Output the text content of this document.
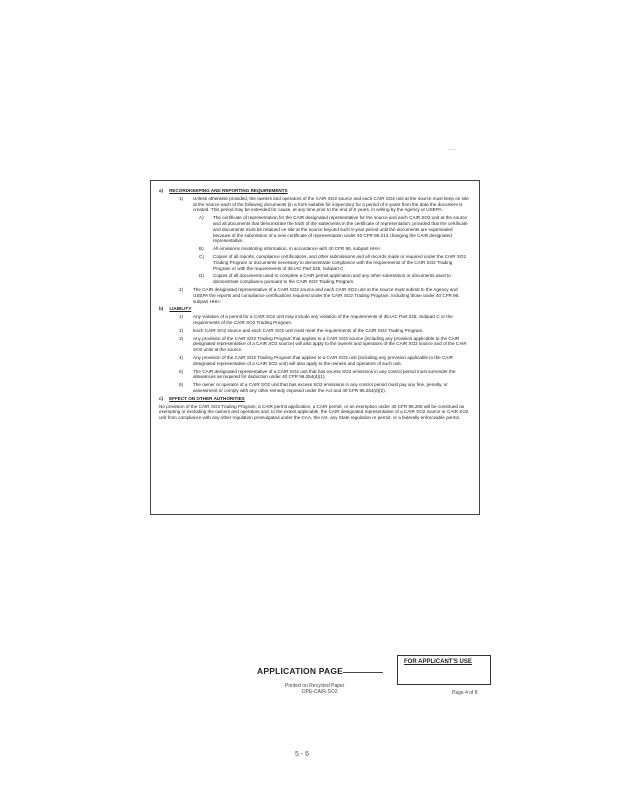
- - -
a) RECORDKEEPING AND REPORTING REQUIREMENTS
1)	Unless otherwise provided, the owners and operators of the CAIR SO2 source and each CAIR SO2 unit at the source must keep on site at the source each of the following documents (in a form suitable for inspection) for a period of 5 years from the date the document is created. This period may be extended for cause, at any time prior to the end of 5 years, in writing by the Agency or USEPA.
A)	The certificate of representation for the CAIR designated representative for the source and each CAIR SO2 unit at the source and all documents that demonstrate the truth of the statements in the certificate of representation; provided that the certificate and documents must be retained on site at the source beyond such 5-year period until the documents are superseded because of the submission of a new certificate of representation under 40 CFR 96.213 changing the CAIR designated representative.
B)	All emissions monitoring information, in accordance with 40 CFR 96, subpart HHH.
C)	Copies of all reports, compliance certifications, and other submissions and all records made or required under the CAIR SO2 Trading Program or documents necessary to demonstrate compliance with the requirements of the CAIR SO2 Trading Program or with the requirements of 35 IAC Part 225, Subpart C.
D)	Copies of all documents used to complete a CAIR permit application and any other submission or documents used to demonstrate compliance pursuant to the CAIR SO2 Trading Program.
2)	The CAIR designated representative of a CAIR SO2 source and each CAIR SO2 unit at the source must submit to the Agency and USEPA the reports and compliance certifications required under the CAIR SO2 Trading Program, including those under 40 CFR 96, subpart HHH.
b) LIABILITY
1)	Any violation of a permit for a CAIR SO2 unit may include any violation of the requirements of 35 IAC Part 225, Subpart C or the requirements of the CAIR SO2 Trading Program.
2)	Each CAIR SO2 source and each CAIR SO2 unit must meet the requirements of the CAIR SO2 Trading Program.
3)	Any provision of the CAIR SO2 Trading Program that applies to a CAIR SO2 source (including any provision applicable to the CAIR designated representative of a CAIR SO2 source) will also apply to the owners and operators of the CAIR SO2 source and of the CAIR SO2 units at the source.
4)	Any provision of the CAIR SO2 Trading Program that applies to a CAIR SO2 unit (including any provision applicable to the CAIR designated representative of a CAIR SO2 unit) will also apply to the owners and operators of such unit.
5)	The CAIR designated representative of a CAIR SO2 unit that has excess SO2 emissions in any control period must surrender the allowances as required for deduction under 40 CFR 96.254(d)(1).
6)	The owner or operator of a CAIR SO2 unit that has excess SO2 emissions in any control period must pay any fine, penalty, or assessment or comply with any other remedy imposed under the Act and 40 CFR 96.254(d)(2).
c) EFFECT ON OTHER AUTHORITIES
No provision of the CAIR SO2 Trading Program, a CAIR permit application, a CAIR permit, or an exemption under 40 CFR 96.205 will be construed as exempting or excluding the owners and operators and, to the extent applicable, the CAIR designated representative of a CAIR SO2 source or CAIR SO2 unit from compliance with any other regulation promulgated under the CAA, the Act, any State regulation or permit, or a federally enforceable permit.
APPLICATION PAGE
Printed on Recycled Paper
DPE-CAIR-SO2
FOR APPLICANT'S USE
Page 4 of 8
5 - 6
